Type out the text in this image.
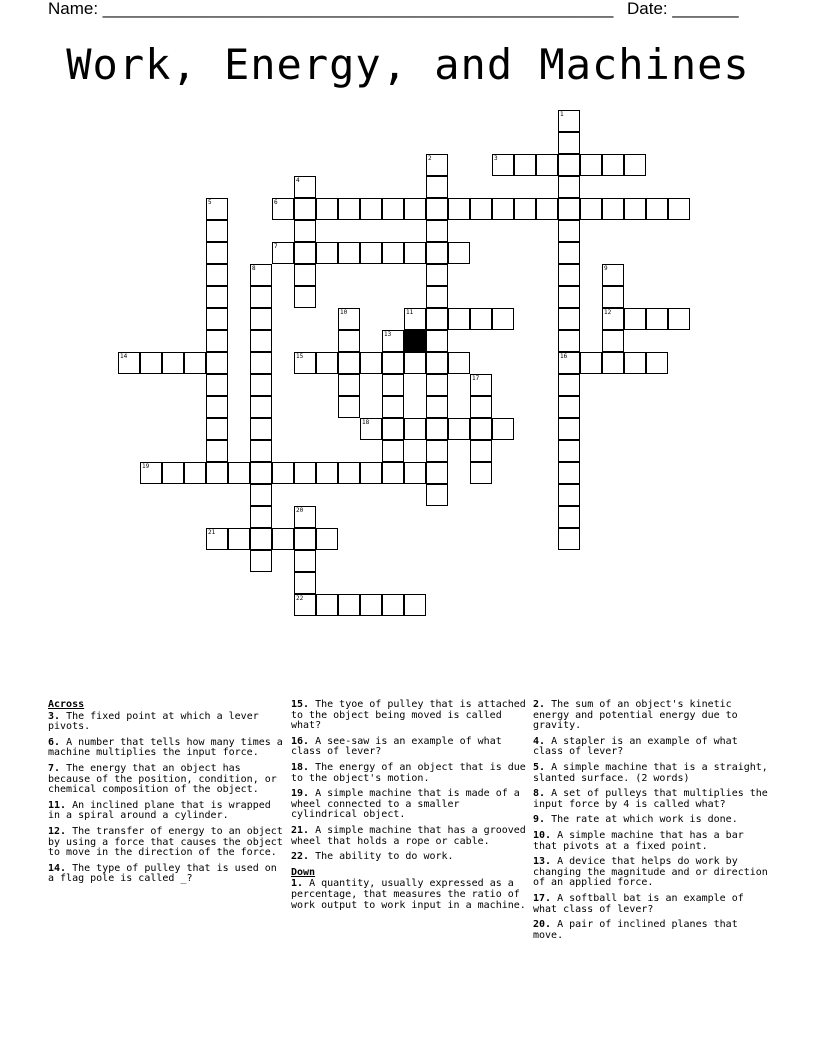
Name: ______________________________________________________ Date: _______
Work, Energy, and Machines
3
6
7
11	12
14	15	16
18
19
21
22
1
2
4
5
8	9
10
13
17
20
Across
3. The fixed point at which a lever pivots.
6. A number that tells how many times a machine multiplies the input force.
7. The energy that an object has because of the position, condition, or chemical composition of the object.
11. An inclined plane that is wrapped in a spiral around a cylinder.
12. The transfer of energy to an object by using a force that causes the object to move in the direction of the force.
14. The type of pulley that is used on a flag pole is called _?
15. The tyoe of pulley that is attached to the object being moved is called what?
16. A see-saw is an example of what class of lever?
18. The energy of an object that is due to the object's motion.
19. A simple machine that is made of a wheel connected to a smaller cylindrical object.
21. A simple machine that has a grooved wheel that holds a rope or cable.
22. The ability to do work.
Down
1. A quantity, usually expressed as a percentage, that measures the ratio of work output to work input in a machine.
2. The sum of an object's kinetic energy and potential energy due to gravity.
4. A stapler is an example of what class of lever?
5. A simple machine that is a straight, slanted surface. (2 words)
8. A set of pulleys that multiplies the input force by 4 is called what?
9. The rate at which work is done.
10. A simple machine that has a bar that pivots at a fixed point.
13. A device that helps do work by changing the magnitude and or direction of an applied force.
17. A softball bat is an example of what class of lever?
20. A pair of inclined planes that move.
